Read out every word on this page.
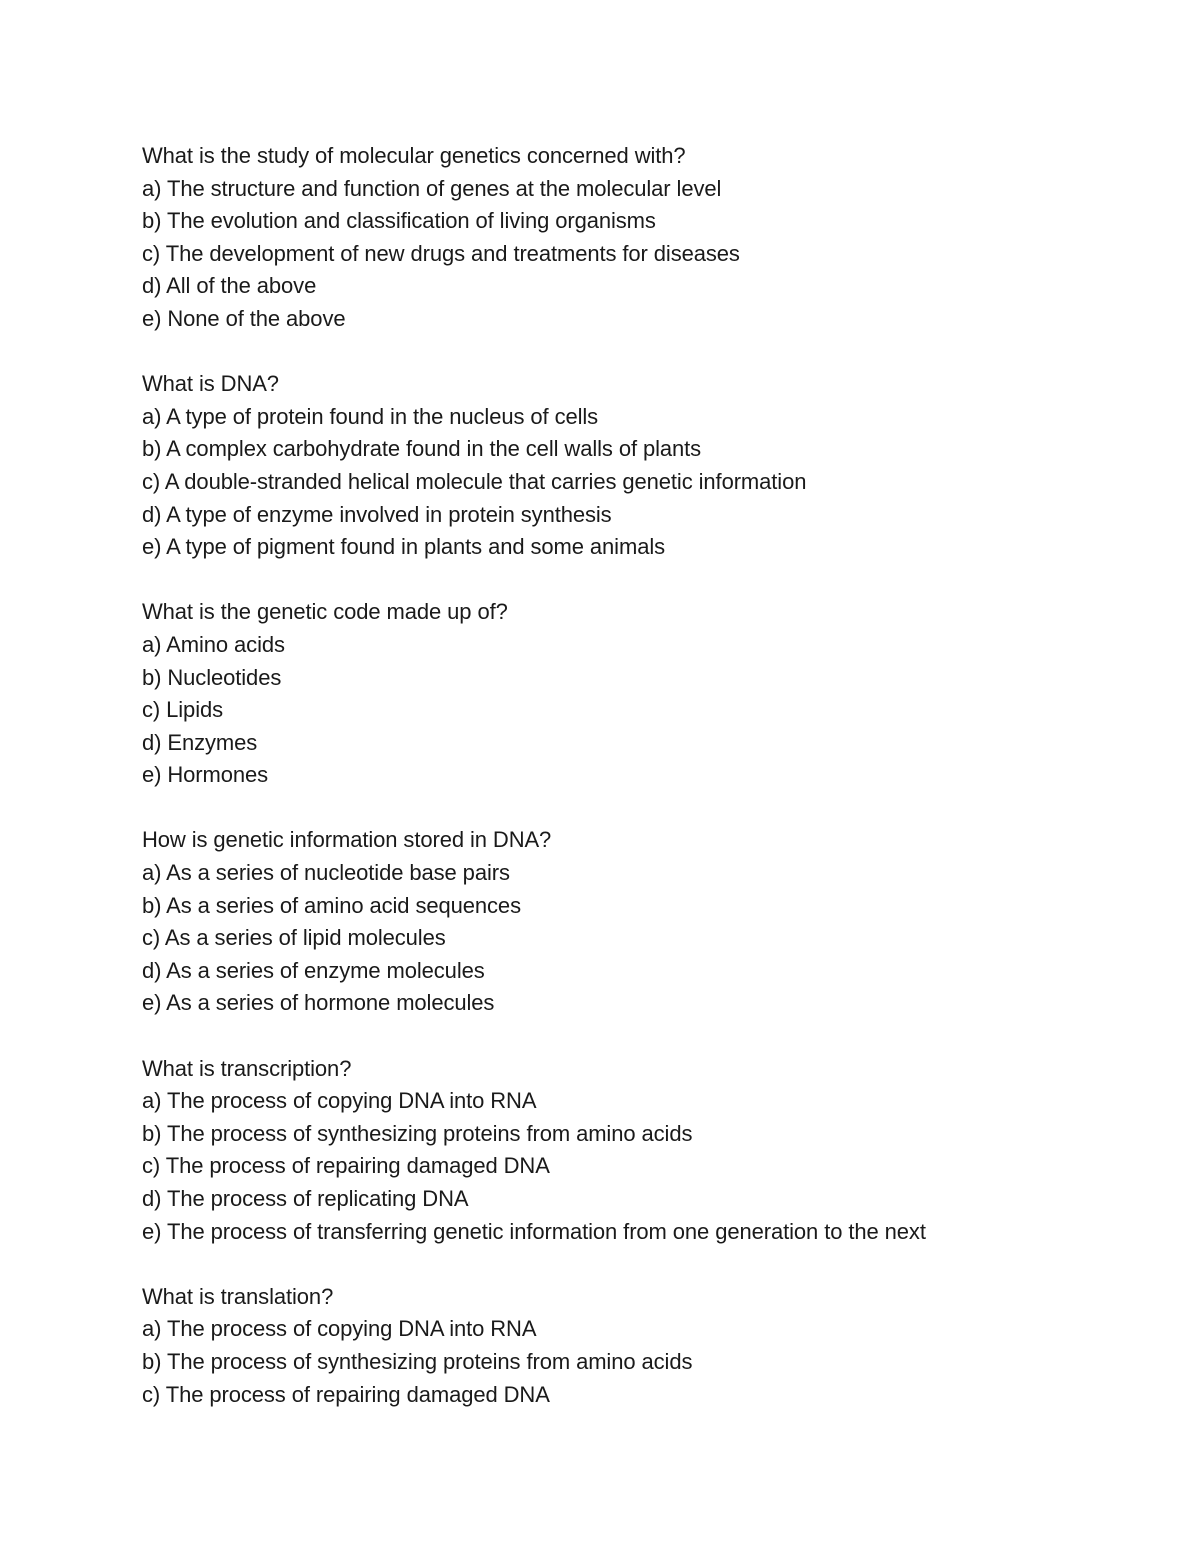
What is the study of molecular genetics concerned with?
a) The structure and function of genes at the molecular level
b) The evolution and classification of living organisms
c) The development of new drugs and treatments for diseases
d) All of the above
e) None of the above
What is DNA?
a) A type of protein found in the nucleus of cells
b) A complex carbohydrate found in the cell walls of plants
c) A double-stranded helical molecule that carries genetic information
d) A type of enzyme involved in protein synthesis
e) A type of pigment found in plants and some animals
What is the genetic code made up of?
a) Amino acids
b) Nucleotides
c) Lipids
d) Enzymes
e) Hormones
How is genetic information stored in DNA?
a) As a series of nucleotide base pairs
b) As a series of amino acid sequences
c) As a series of lipid molecules
d) As a series of enzyme molecules
e) As a series of hormone molecules
What is transcription?
a) The process of copying DNA into RNA
b) The process of synthesizing proteins from amino acids
c) The process of repairing damaged DNA
d) The process of replicating DNA
e) The process of transferring genetic information from one generation to the next
What is translation?
a) The process of copying DNA into RNA
b) The process of synthesizing proteins from amino acids
c) The process of repairing damaged DNA
